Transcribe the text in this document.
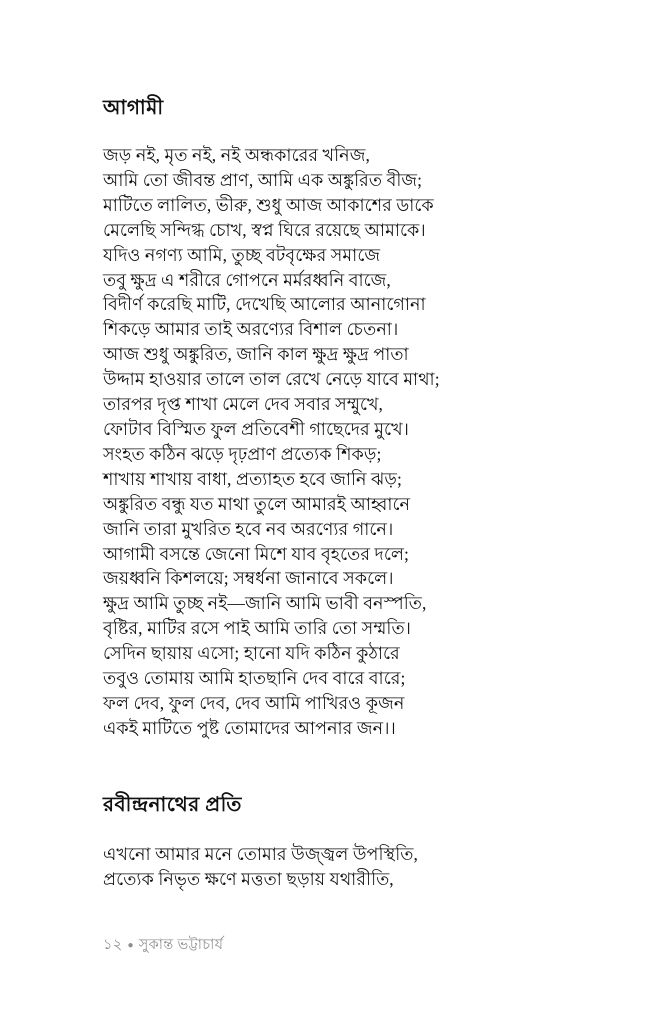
আগামী
জড় নই, মৃত নই, নই অন্ধকারের খনিজ,
আমি তো জীবন্ত প্রাণ, আমি এক অঙ্কুরিত বীজ;
মাটিতে লালিত, ভীরু, শুধু আজ আকাশের ডাকে
মেলেছি সন্দিগ্ধ চোখ, স্বপ্ন ঘিরে রয়েছে আমাকে।
যদিও নগণ্য আমি, তুচ্ছ বটবৃক্ষের সমাজে
তবু ক্ষুদ্র এ শরীরে গোপনে মর্মরধ্বনি বাজে,
বিদীর্ণ করেছি মাটি, দেখেছি আলোর আনাগোনা
শিকড়ে আমার তাই অরণ্যের বিশাল চেতনা।
আজ শুধু অঙ্কুরিত, জানি কাল ক্ষুদ্র ক্ষুদ্র পাতা
উদ্দাম হাওয়ার তালে তাল রেখে নেড়ে যাবে মাথা;
তারপর দৃপ্ত শাখা মেলে দেব সবার সম্মুখে,
ফোটাব বিস্মিত ফুল প্রতিবেশী গাছেদের মুখে।
সংহত কঠিন ঝড়ে দৃঢ়প্রাণ প্রত্যেক শিকড়;
শাখায় শাখায় বাধা, প্রত্যাহত হবে জানি ঝড়;
অঙ্কুরিত বন্ধু যত মাথা তুলে আমারই আহ্বানে
জানি তারা মুখরিত হবে নব অরণ্যের গানে।
আগামী বসন্তে জেনো মিশে যাব বৃহতের দলে;
জয়ধ্বনি কিশলয়ে; সম্বর্ধনা জানাবে সকলে।
ক্ষুদ্র আমি তুচ্ছ নই—জানি আমি ভাবী বনস্পতি,
বৃষ্টির, মাটির রসে পাই আমি তারি তো সম্মতি।
সেদিন ছায়ায় এসো; হানো যদি কঠিন কুঠারে
তবুও তোমায় আমি হাতছানি দেব বারে বারে;
ফল দেব, ফুল দেব, দেব আমি পাখিরও কূজন
একই মাটিতে পুষ্ট তোমাদের আপনার জন।।
রবীন্দ্রনাথের প্রতি
এখনো আমার মনে তোমার উজ্জ্বল উপস্থিতি,
প্রত্যেক নিভৃত ক্ষণে মত্ততা ছড়ায় যথারীতি,
১২ ● সুকান্ত ভট্টাচার্য
